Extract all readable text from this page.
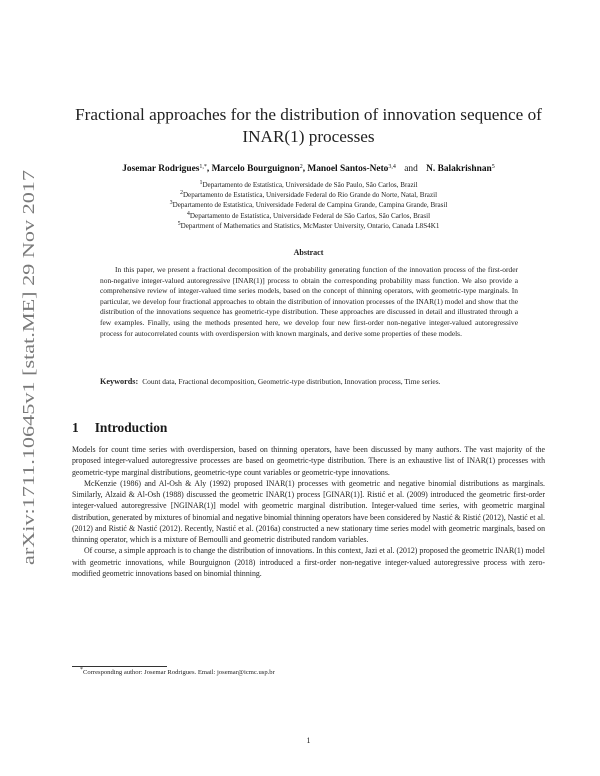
arXiv:1711.10645v1 [stat.ME] 29 Nov 2017
Fractional approaches for the distribution of innovation sequence of
INAR(1) processes
Josemar Rodrigues$^{1,*}$, Marcelo Bourguignon$^2$, Manoel Santos-Neto$^{3,4}$ and N. Balakrishnan$^5$
$^1$Departamento de Estatística, Universidade de São Paulo, São Carlos, Brazil
$^2$Departamento de Estatística, Universidade Federal do Rio Grande do Norte, Natal, Brazil
$^3$Departamento de Estatística, Universidade Federal de Campina Grande, Campina Grande, Brasil
$^4$Departamento de Estatística, Universidade Federal de São Carlos, São Carlos, Brasil
$^5$Department of Mathematics and Statistics, McMaster University, Ontario, Canada L8S4K1
Abstract

In this paper, we present a fractional decomposition of the probability generating function of the innovation process of the first-order non-negative integer-valued autoregressive [INAR(1)] process to obtain the corresponding probability mass function. We also provide a comprehensive review of integer-valued time series models, based on the concept of thinning operators, with geometric-type marginals. In particular, we develop four fractional approaches to obtain the distribution of innovation processes of the INAR(1) model and show that the distribution of the innovations sequence has geometric-type distribution. These approaches are discussed in detail and illustrated through a few examples. Finally, using the methods presented here, we develop four new first-order non-negative integer-valued autoregressive process for autocorrelated counts with overdispersion with known marginals, and derive some properties of these models.

Keywords: Count data, Fractional decomposition, Geometric-type distribution, Innovation process, Time series.
1 Introduction

Models for count time series with overdispersion, based on thinning operators, have been discussed by many authors. The vast majority of the proposed integer-valued autoregressive processes are based on geometric-type distribution. There is an exhaustive list of INAR(1) processes with geometric-type marginal distributions, geometric-type count variables or geometric-type innovations.

McKenzie (1986) and Al-Osh & Aly (1992) proposed INAR(1) processes with geometric and negative binomial distributions as marginals. Similarly, Alzaid & Al-Osh (1988) discussed the geometric INAR(1) process [GINAR(1)]. Ristić et al. (2009) introduced the geometric first-order integer-valued autoregressive [NGINAR(1)] model with geometric marginal distribution. Integer-valued time series, with geometric marginal distribution, generated by mixtures of binomial and negative binomial thinning operators have been considered by Nastić & Ristić (2012), Nastić et al. (2012) and Ristić & Nastić (2012). Recently, Nastić et al. (2016a) constructed a new stationary time series model with geometric marginals, based on thinning operator, which is a mixture of Bernoulli and geometric distributed random variables.

Of course, a simple approach is to change the distribution of innovations. In this context, Jazi et al. (2012) proposed the geometric INAR(1) model with geometric innovations, while Bourguignon (2018) introduced a first-order non-negative integer-valued autoregressive process with zero-modified geometric innovations based on binomial thinning.

*Corresponding author: Josemar Rodrigues. Email: josemar@icmc.usp.br
1
